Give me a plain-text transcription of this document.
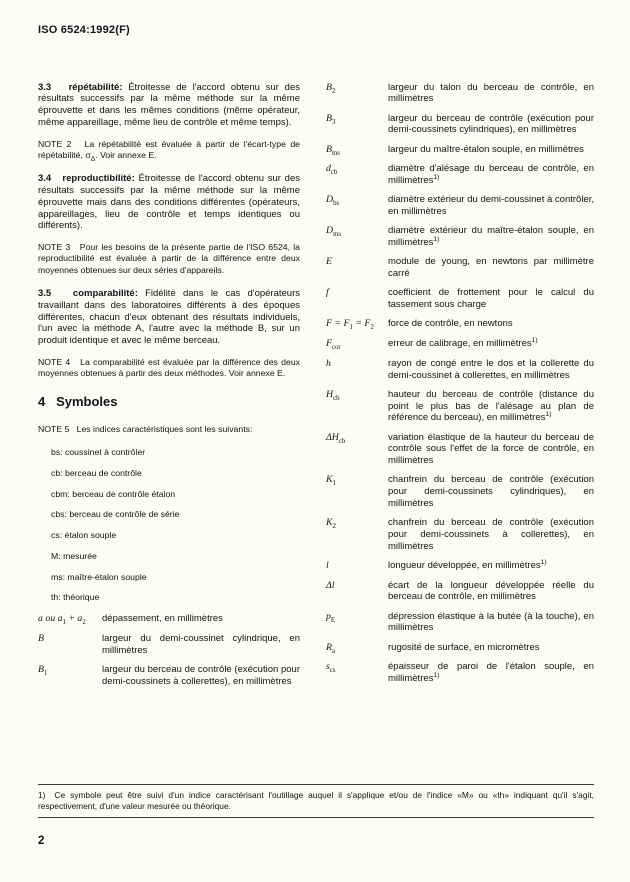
ISO 6524:1992(F)

3.3   répétabilité: Étroitesse de l'accord obtenu sur des résultats successifs par la même méthode sur la même éprouvette et dans les mêmes conditions (même opérateur, même appareillage, même lieu de contrôle et même temps).

NOTE 2   La répétabilité est évaluée à partir de l'écart-type de répétabilité, $\sigma_\Delta$. Voir annexe E.

3.4   reproductibilité: Étroitesse de l'accord obtenu sur des résultats successifs par la même méthode sur la même éprouvette mais dans des conditions différentes (opérateurs, appareillages, lieu de contrôle et temps identiques ou différents).

NOTE 3   Pour les besoins de la présente partie de l'ISO 6524, la reproductibilité est évaluée à partir de la différence entre deux moyennes obtenues sur deux séries d'appareils.

3.5   comparabilité: Fidélité dans le cas d'opérateurs travaillant dans des laboratoires différents à des époques différentes, chacun d'eux obtenant des résultats individuels, l'un avec la méthode A, l'autre avec la méthode B, sur un produit identique et avec le même berceau.

NOTE 4   La comparabilité est évaluée par la différence des deux moyennes obtenues à partir des deux méthodes. Voir annexe E.

4   Symboles

NOTE 5   Les indices caractéristiques sont les suivants:

bs: coussinet à contrôler
cb: berceau de contrôle
cbm: berceau de contrôle étalon
cbs: berceau de contrôle de série
cs: étalon souple
M: mesurée
ms: maître-étalon souple
th: théorique
a ou $a_1 + a_2$	dépassement, en millimètres
B	largeur du demi-coussinet cylindrique, en millimètres
$B_1$	largeur du berceau de contrôle (exécution pour demi-coussinets à collerettes), en millimètres
$B_2$	largeur du talon du berceau de contrôle, en millimètres
$B_3$	largeur du berceau de contrôle (exécution pour demi-coussinets cylindriques), en millimètres
$B_{ms}$	largeur du maître-étalon souple, en millimètres
$d_{cb}$	diamètre d'alésage du berceau de contrôle, en millimètres$^{1)}$
$D_{bs}$	diamètre extérieur du demi-coussinet à contrôler, en millimètres
$D_{ms}$	diamètre extérieur du maître-étalon souple, en millimètres$^{1)}$
E	module de young, en newtons par millimètre carré
f	coefficient de frottement pour le calcul du tassement sous charge
$F = F_1 = F_2$	force de contrôle, en newtons
$F_{cor}$	erreur de calibrage, en millimètres$^{1)}$
h	rayon de congé entre le dos et la collerette du demi-coussinet à collerettes, en millimètres
$H_{cb}$	hauteur du berceau de contrôle (distance du point le plus bas de l'alésage au plan de référence du berceau), en millimètres$^{1)}$
$\Delta H_{cb}$	variation élastique de la hauteur du berceau de contrôle sous l'effet de la force de contrôle, en millimètres
$K_1$	chanfrein du berceau de contrôle (exécution pour demi-coussinets cylindriques), en millimètres
$K_2$	chanfrein du berceau de contrôle (exécution pour demi-coussinets à collerettes), en millimètres
l	longueur développée, en millimètres$^{1)}$
Δl	écart de la longueur développée réelle du berceau de contrôle, en millimètres
$p_E$	dépression élastique à la butée (à la touche), en millimètres
$R_a$	rugosité de surface, en micromètres
$s_{cs}$	épaisseur de paroi de l'étalon souple, en millimètres$^{1)}$

1) Ce symbole peut être suivi d'un indice caractérisant l'outillage auquel il s'applique et/ou de l'indice «M» ou «th» indiquant qu'il s'agit, respectivement, d'une valeur mesurée ou théorique.

2
